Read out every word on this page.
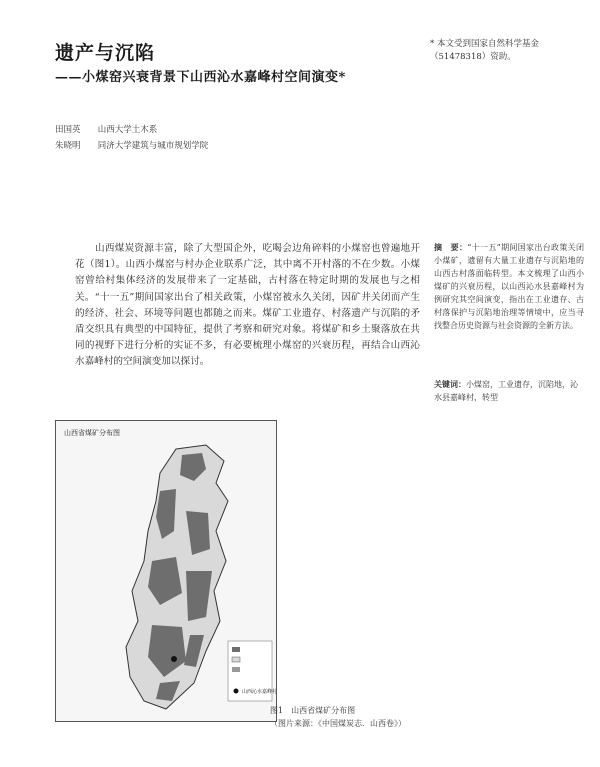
遗产与沉陷
——小煤窑兴衰背景下山西沁水嘉峰村空间演变*
* 本文受到国家自然科学基金（51478318）资助。
田国英 山西大学土木系
朱晓明 同济大学建筑与城市规划学院
山西煤炭资源丰富，除了大型国企外，吃喝会边角碎料的小煤窑也曾遍地开花（图1）。山西小煤窑与村办企业联系广泛，其中离不开村落的不在少数。小煤窑曾给村集体经济的发展带来了一定基础，古村落在特定时期的发展也与之相关。“十一五”期间国家出台了相关政策，小煤窑被永久关闭，因矿井关闭而产生的经济、社会、环境等问题也都随之而来。煤矿工业遗存、村落遗产与沉陷的矛盾交织具有典型的中国特征，提供了考察和研究对象。将煤矿和乡土聚落放在共同的视野下进行分析的实证不多，有必要梳理小煤窑的兴衰历程，再结合山西沁水嘉峰村的空间演变加以探讨。
摘　要：“十一五”期间国家出台政策关闭小煤矿，遗留有大量工业遗存与沉陷地的山西古村落面临转型。本文梳理了山西小煤矿的兴衰历程，以山西沁水县嘉峰村为例研究其空间演变，指出在工业遗存、古村落保护与沉陷地治理等情境中，应当寻找整合历史资源与社会资源的全新方法。
关键词：小煤窑，工业遗存，沉陷地，沁水县嘉峰村，转型
山西省煤矿分布图
山西沁水嘉峰村
图1　山西省煤矿分布图
（图片来源：《中国煤炭志．山西卷》）
